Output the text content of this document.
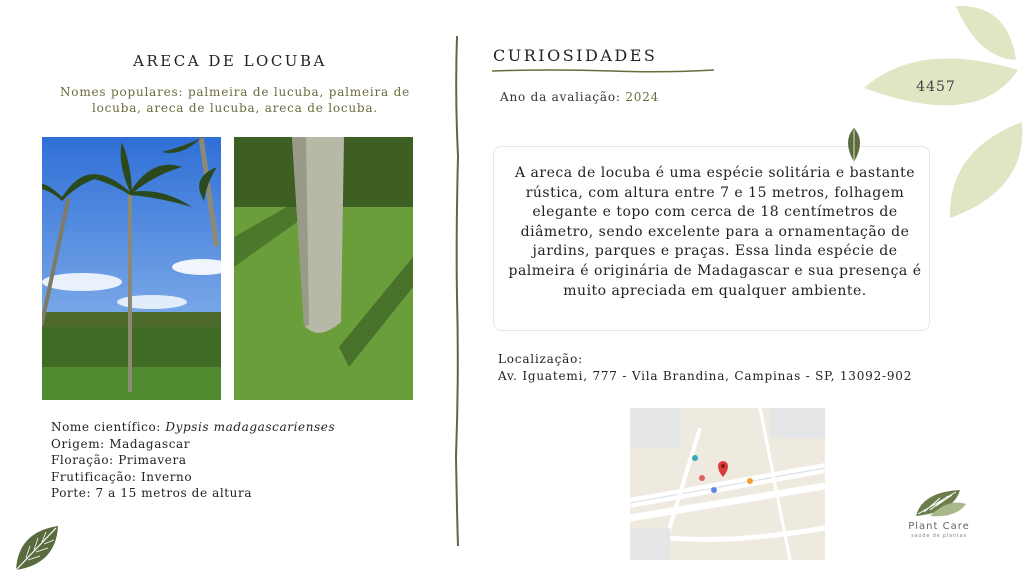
ARECA DE LOCUBA
Nomes populares: palmeira de lucuba, palmeira de locuba, areca de lucuba, areca de locuba.
Nome científico: Dypsis madagascarienses
Origem: Madagascar
Floração: Primavera
Frutificação: Inverno
Porte: 7 a 15 metros de altura
CURIOSIDADES
Ano da avaliação: 2024
A areca de locuba é uma espécie solitária e bastante rústica, com altura entre 7 e 15 metros, folhagem elegante e topo com cerca de 18 centímetros de diâmetro, sendo excelente para a ornamentação de jardins, parques e praças. Essa linda espécie de palmeira é originária de Madagascar e sua presença é muito apreciada em qualquer ambiente.
Localização:
Av. Iguatemi, 777 - Vila Brandina, Campinas - SP, 13092-902
4457
Plant Care
saúde de plantas
